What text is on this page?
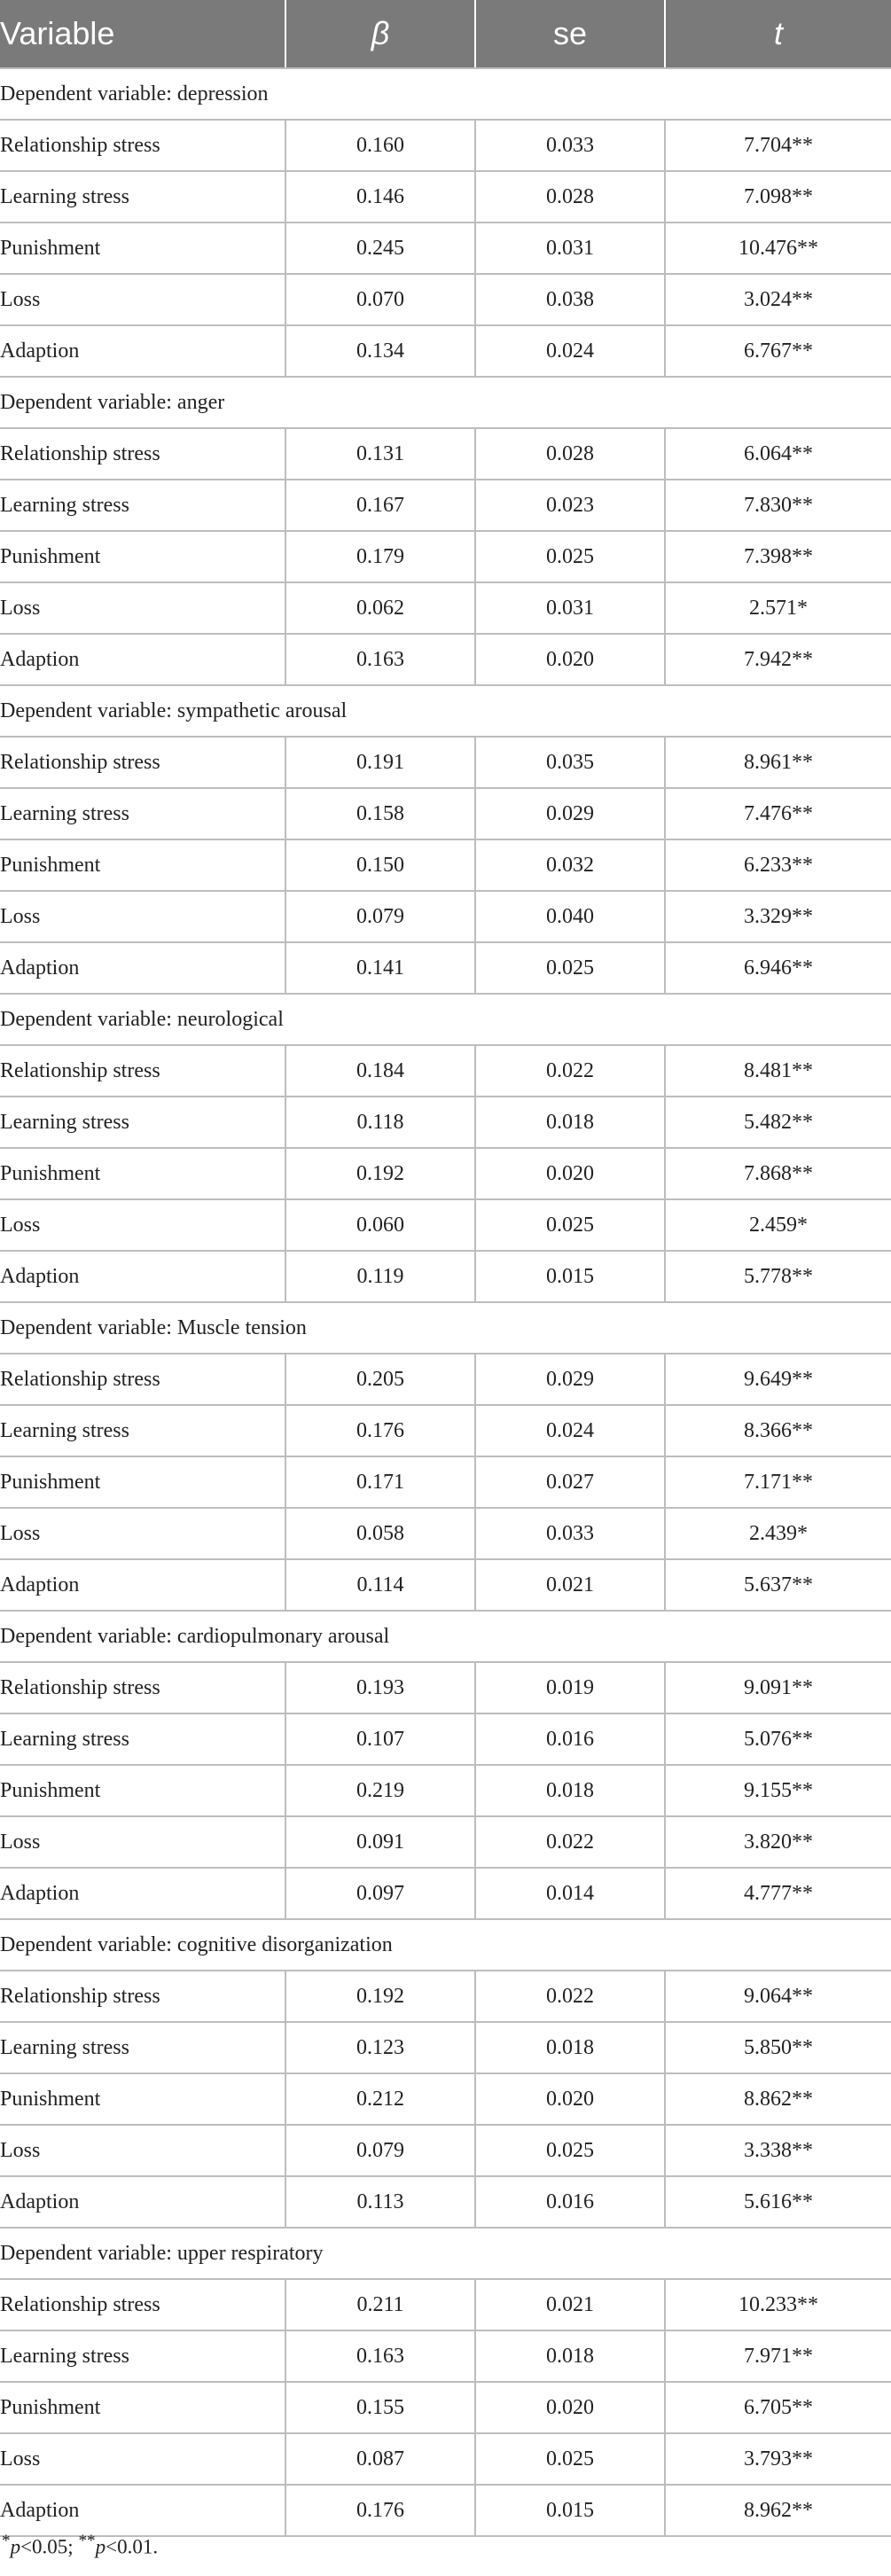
Variable	β	se	t
Dependent variable: depression			
Relationship stress	0.160	0.033	7.704**
Learning stress	0.146	0.028	7.098**
Punishment	0.245	0.031	10.476**
Loss	0.070	0.038	3.024**
Adaption	0.134	0.024	6.767**
Dependent variable: anger			
Relationship stress	0.131	0.028	6.064**
Learning stress	0.167	0.023	7.830**
Punishment	0.179	0.025	7.398**
Loss	0.062	0.031	2.571*
Adaption	0.163	0.020	7.942**
Dependent variable: sympathetic arousal			
Relationship stress	0.191	0.035	8.961**
Learning stress	0.158	0.029	7.476**
Punishment	0.150	0.032	6.233**
Loss	0.079	0.040	3.329**
Adaption	0.141	0.025	6.946**
Dependent variable: neurological			
Relationship stress	0.184	0.022	8.481**
Learning stress	0.118	0.018	5.482**
Punishment	0.192	0.020	7.868**
Loss	0.060	0.025	2.459*
Adaption	0.119	0.015	5.778**
Dependent variable: Muscle tension			
Relationship stress	0.205	0.029	9.649**
Learning stress	0.176	0.024	8.366**
Punishment	0.171	0.027	7.171**
Loss	0.058	0.033	2.439*
Adaption	0.114	0.021	5.637**
Dependent variable: cardiopulmonary arousal			
Relationship stress	0.193	0.019	9.091**
Learning stress	0.107	0.016	5.076**
Punishment	0.219	0.018	9.155**
Loss	0.091	0.022	3.820**
Adaption	0.097	0.014	4.777**
Dependent variable: cognitive disorganization			
Relationship stress	0.192	0.022	9.064**
Learning stress	0.123	0.018	5.850**
Punishment	0.212	0.020	8.862**
Loss	0.079	0.025	3.338**
Adaption	0.113	0.016	5.616**
Dependent variable: upper respiratory			
Relationship stress	0.211	0.021	10.233**
Learning stress	0.163	0.018	7.971**
Punishment	0.155	0.020	6.705**
Loss	0.087	0.025	3.793**
Adaption	0.176	0.015	8.962**
*p<0.05; **p<0.01.
